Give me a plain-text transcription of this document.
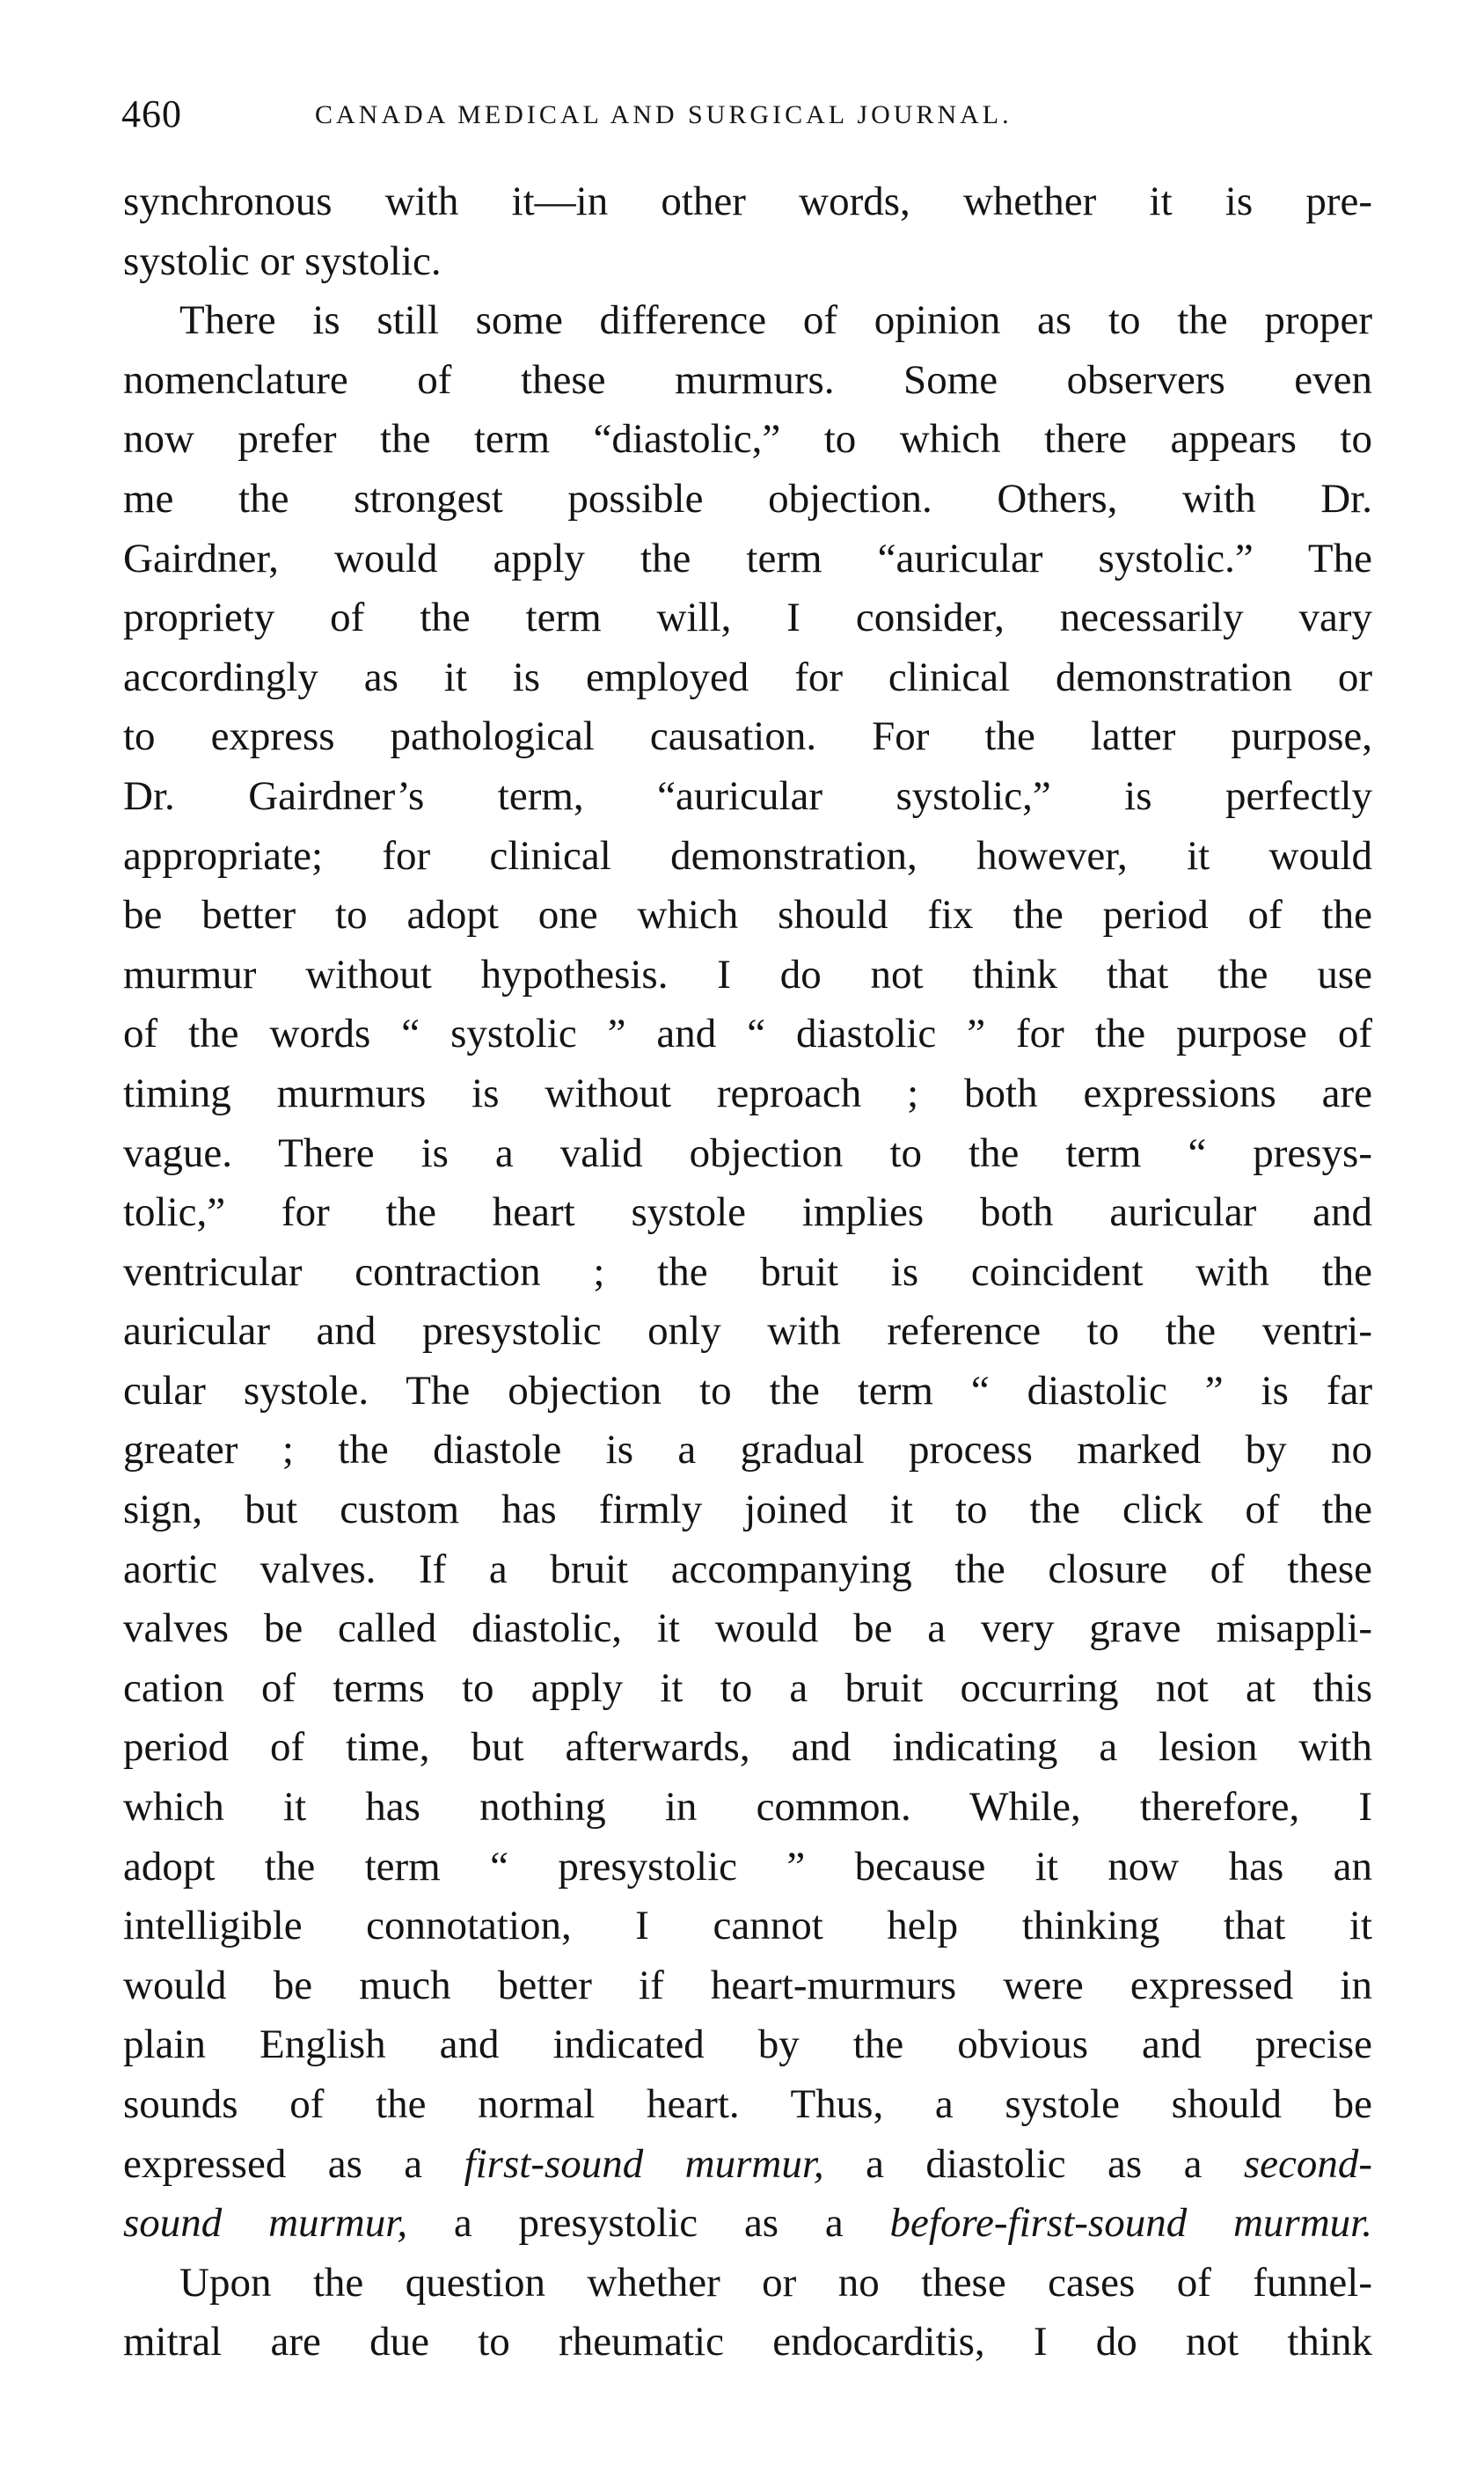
460	CANADA MEDICAL AND SURGICAL JOURNAL.
synchronous with it—in other words, whether it is pre-
systolic or systolic.
There is still some difference of opinion as to the proper
nomenclature of these murmurs. Some observers even
now prefer the term “diastolic,” to which there appears to
me the strongest possible objection. Others, with Dr.
Gairdner, would apply the term “auricular systolic.” The
propriety of the term will, I consider, necessarily vary
accordingly as it is employed for clinical demonstration or
to express pathological causation. For the latter purpose,
Dr. Gairdner’s term, “auricular systolic,” is perfectly
appropriate; for clinical demonstration, however, it would
be better to adopt one which should fix the period of the
murmur without hypothesis. I do not think that the use
of the words “ systolic ” and “ diastolic ” for the purpose of
timing murmurs is without reproach ; both expressions are
vague. There is a valid objection to the term “ presys-
tolic,” for the heart systole implies both auricular and
ventricular contraction ; the bruit is coincident with the
auricular and presystolic only with reference to the ventri-
cular systole. The objection to the term “ diastolic ” is far
greater ; the diastole is a gradual process marked by no
sign, but custom has firmly joined it to the click of the
aortic valves. If a bruit accompanying the closure of these
valves be called diastolic, it would be a very grave misappli-
cation of terms to apply it to a bruit occurring not at this
period of time, but afterwards, and indicating a lesion with
which it has nothing in common. While, therefore, I
adopt the term “ presystolic ” because it now has an
intelligible connotation, I cannot help thinking that it
would be much better if heart-murmurs were expressed in
plain English and indicated by the obvious and precise
sounds of the normal heart. Thus, a systole should be
expressed as a first-sound murmur, a diastolic as a second-
sound murmur, a presystolic as a before-first-sound murmur.
Upon the question whether or no these cases of funnel-
mitral are due to rheumatic endocarditis, I do not think
